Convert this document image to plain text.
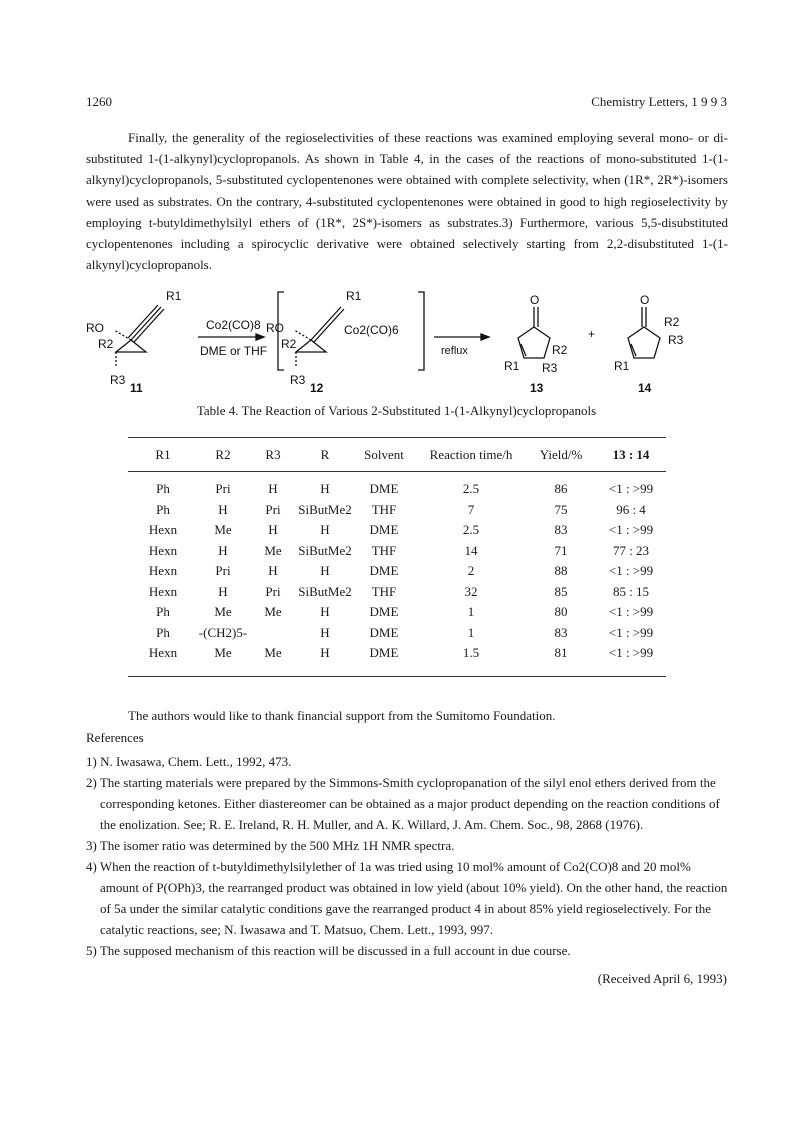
1260	Chemistry Letters, 1 9 9 3
Finally, the generality of the regioselectivities of these reactions was examined employing several mono- or di- substituted 1-(1-alkynyl)cyclopropanols. As shown in Table 4, in the cases of the reactions of mono-substituted 1-(1-alkynyl)cyclopropanols, 5-substituted cyclopentenones were obtained with complete selectivity, when (1R*, 2R*)-isomers were used as substrates. On the contrary, 4-substituted cyclopentenones were obtained in good to high regioselectivity by employing t-butyldimethylsilyl ethers of (1R*, 2S*)-isomers as substrates.3) Furthermore, various 5,5-disubstituted cyclopentenones including a spirocyclic derivative were obtained selectively starting from 2,2-disubstituted 1-(1-alkynyl)cyclopropanols.
RO
R2
R1
R3
11
Co2(CO)8
DME or THF
RO
R2
R1
Co2(CO)6
R3
12
reflux
O
R1
R2
R3
13
+
O
R1
R2
R3
14
Table 4. The Reaction of Various 2-Substituted 1-(1-Alkynyl)cyclopropanols
R1	R2	R3	R	Solvent	Reaction time/h	Yield/%	13 : 14
Ph	Pri	H	H	DME	2.5	86	<1 : >99
Ph	H	Pri	SiButMe2	THF	7	75	96 : 4
Hexn	Me	H	H	DME	2.5	83	<1 : >99
Hexn	H	Me	SiButMe2	THF	14	71	77 : 23
Hexn	Pri	H	H	DME	2	88	<1 : >99
Hexn	H	Pri	SiButMe2	THF	32	85	85 : 15
Ph	Me	Me	H	DME	1	80	<1 : >99
Ph	-(CH2)5-		H	DME	1	83	<1 : >99
Hexn	Me	Me	H	DME	1.5	81	<1 : >99
The authors would like to thank financial support from the Sumitomo Foundation.
References
1) N. Iwasawa, Chem. Lett., 1992, 473.
2) The starting materials were prepared by the Simmons-Smith cyclopropanation of the silyl enol ethers derived from the corresponding ketones. Either diastereomer can be obtained as a major product depending on the reaction conditions of the enolization. See; R. E. Ireland, R. H. Muller, and A. K. Willard, J. Am. Chem. Soc., 98, 2868 (1976).
3) The isomer ratio was determined by the 500 MHz 1H NMR spectra.
4) When the reaction of t-butyldimethylsilylether of 1a was tried using 10 mol% amount of Co2(CO)8 and 20 mol% amount of P(OPh)3, the rearranged product was obtained in low yield (about 10% yield). On the other hand, the reaction of 5a under the similar catalytic conditions gave the rearranged product 4 in about 85% yield regioselectively. For the catalytic reactions, see; N. Iwasawa and T. Matsuo, Chem. Lett., 1993, 997.
5) The supposed mechanism of this reaction will be discussed in a full account in due course.
(Received April 6, 1993)
